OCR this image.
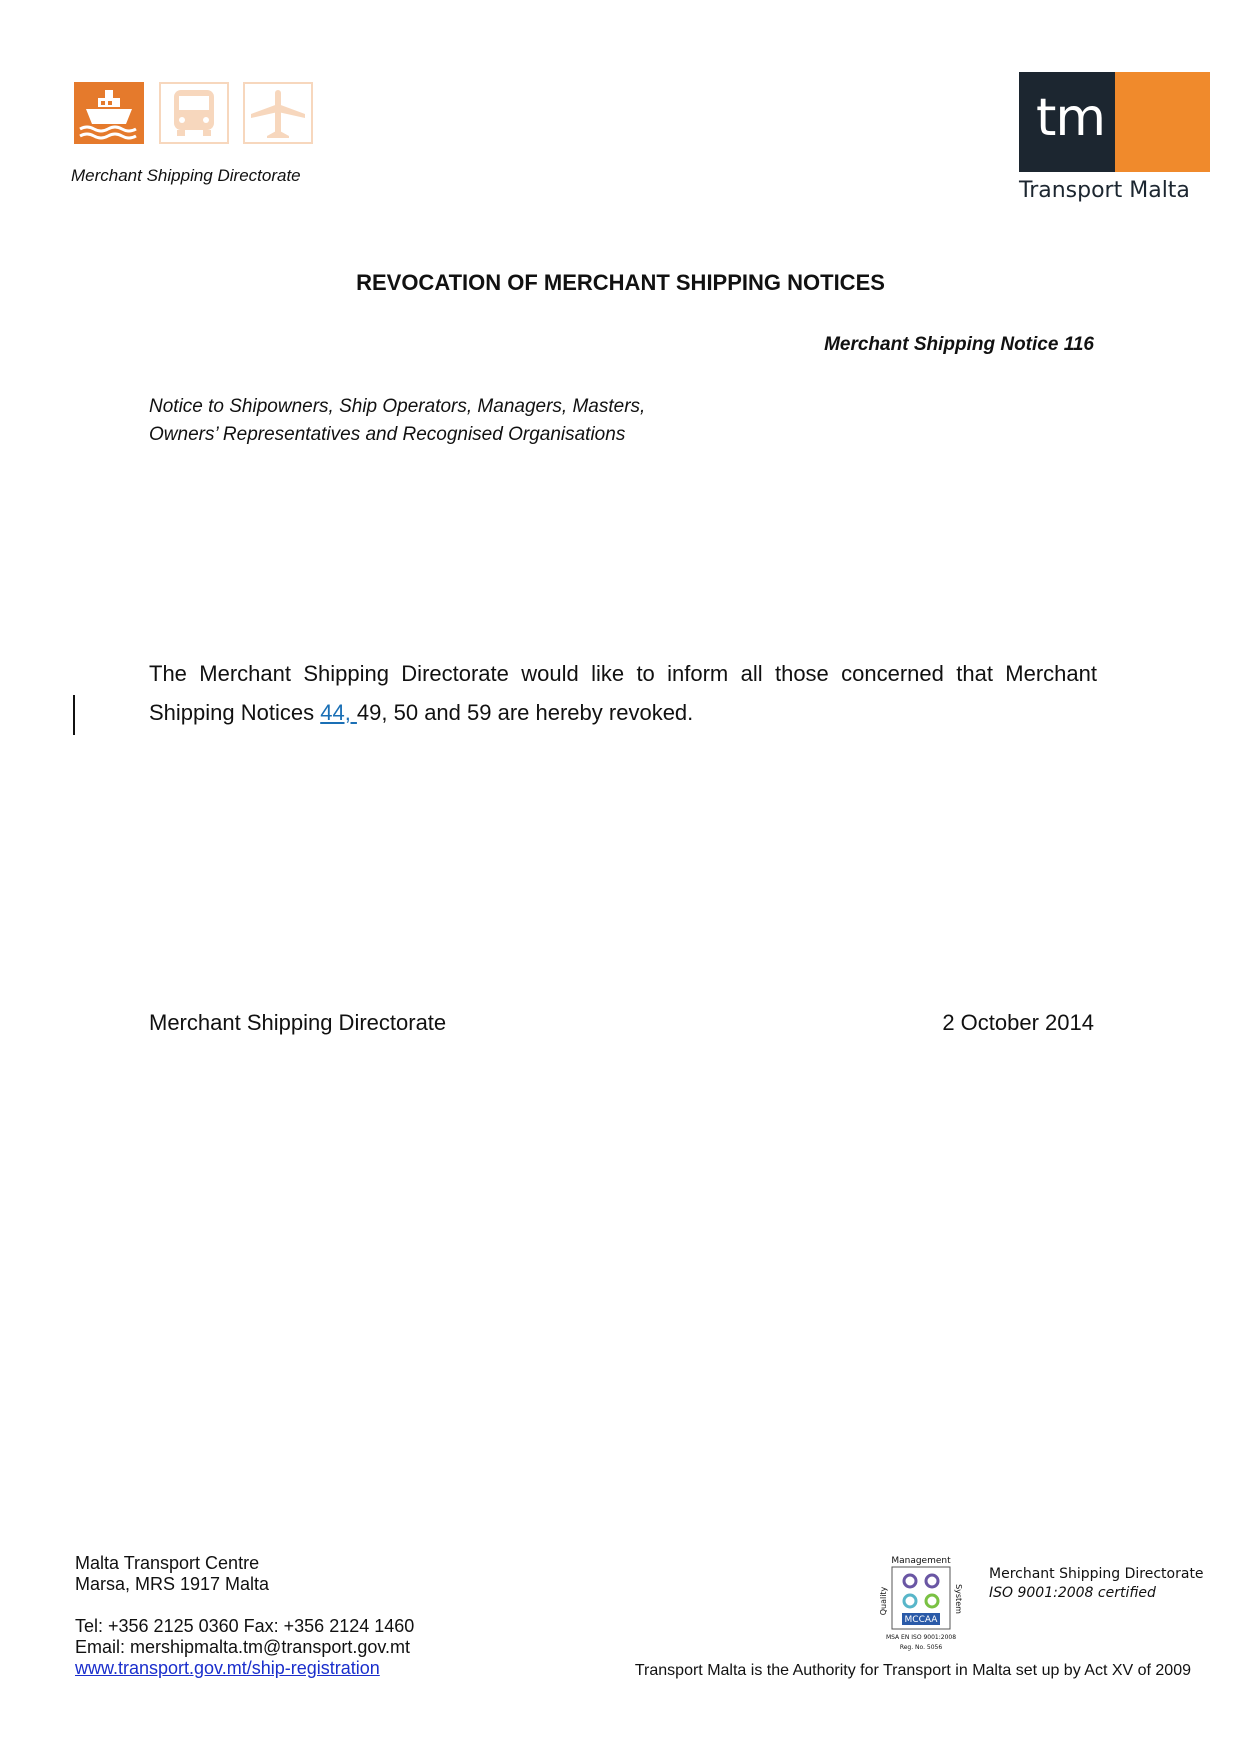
Merchant Shipping Directorate
tm
Transport Malta
REVOCATION OF MERCHANT SHIPPING NOTICES
Merchant Shipping Notice 116
Notice to Shipowners, Ship Operators, Managers, Masters,
Owners’ Representatives and Recognised Organisations
The Merchant Shipping Directorate would like to inform all those concerned that Merchant Shipping Notices 44, 49, 50 and 59 are hereby revoked.
Merchant Shipping Directorate	2 October 2014
Malta Transport Centre
Marsa, MRS 1917 Malta
Tel: +356 2125 0360 Fax: +356 2124 1460
Email: mershipmalta.tm@transport.gov.mt
www.transport.gov.mt/ship-registration
Management
Quality	System
MCCAA
MSA EN ISO 9001:2008
Reg. No. 5056
Merchant Shipping Directorate
ISO 9001:2008 certified
Transport Malta is the Authority for Transport in Malta set up by Act XV of 2009
